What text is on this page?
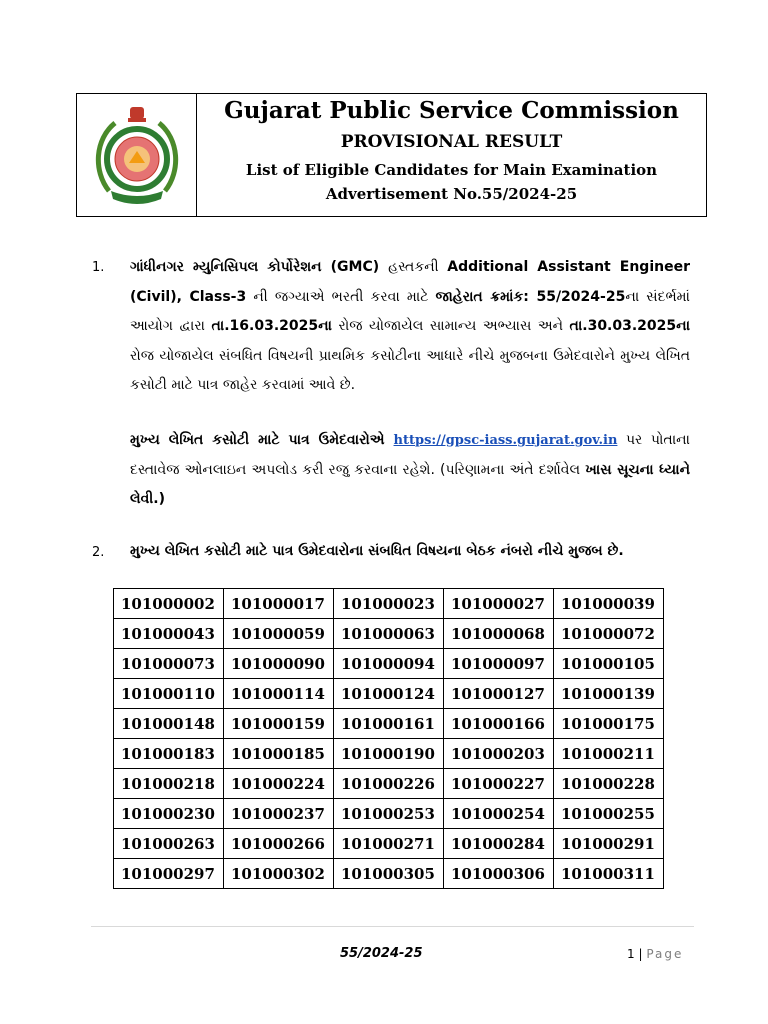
Gujarat Public Service Commission
PROVISIONAL RESULT
List of Eligible Candidates for Main Examination
Advertisement No.55/2024-25
1. ગાંધીનગર મ્યુનિસિપલ કોર્પોરેશન (GMC) હસ્તકની Additional Assistant Engineer (Civil), Class-3 ની જગ્યાએ ભરતી કરવા માટે જાહેરાત ક્રમાંક: 55/2024-25ના સંદર્ભમાં આયોગ દ્વારા તા.16.03.2025ના રોજ યોજાયેલ સામાન્ય અભ્યાસ અને તા.30.03.2025ના રોજ યોજાયેલ સંબધિત વિષયની પ્રાથમિક કસોટીના આધારે નીચે મુજબના ઉમેદવારોને મુખ્ય લેખિત કસોટી માટે પાત્ર જાહેર કરવામાં આવે છે.
મુખ્ય લેખિત કસોટી માટે પાત્ર ઉમેદવારોએ https://gpsc-iass.gujarat.gov.in પર પોતાના દસ્તાવેજ ઓનલાઇન અપલોડ કરી રજુ કરવાના રહેશે. (પરિણામના અંતે દર્શાવેલ ખાસ સૂચના ધ્યાને લેવી.)
2. મુખ્ય લેખિત કસોટી માટે પાત્ર ઉમેદવારોના સંબધિત વિષયના બેઠક નંબરો નીચે મુજબ છે.
101000002	101000017	101000023	101000027	101000039
101000043	101000059	101000063	101000068	101000072
101000073	101000090	101000094	101000097	101000105
101000110	101000114	101000124	101000127	101000139
101000148	101000159	101000161	101000166	101000175
101000183	101000185	101000190	101000203	101000211
101000218	101000224	101000226	101000227	101000228
101000230	101000237	101000253	101000254	101000255
101000263	101000266	101000271	101000284	101000291
101000297	101000302	101000305	101000306	101000311
55/2024-25	1 | Page
